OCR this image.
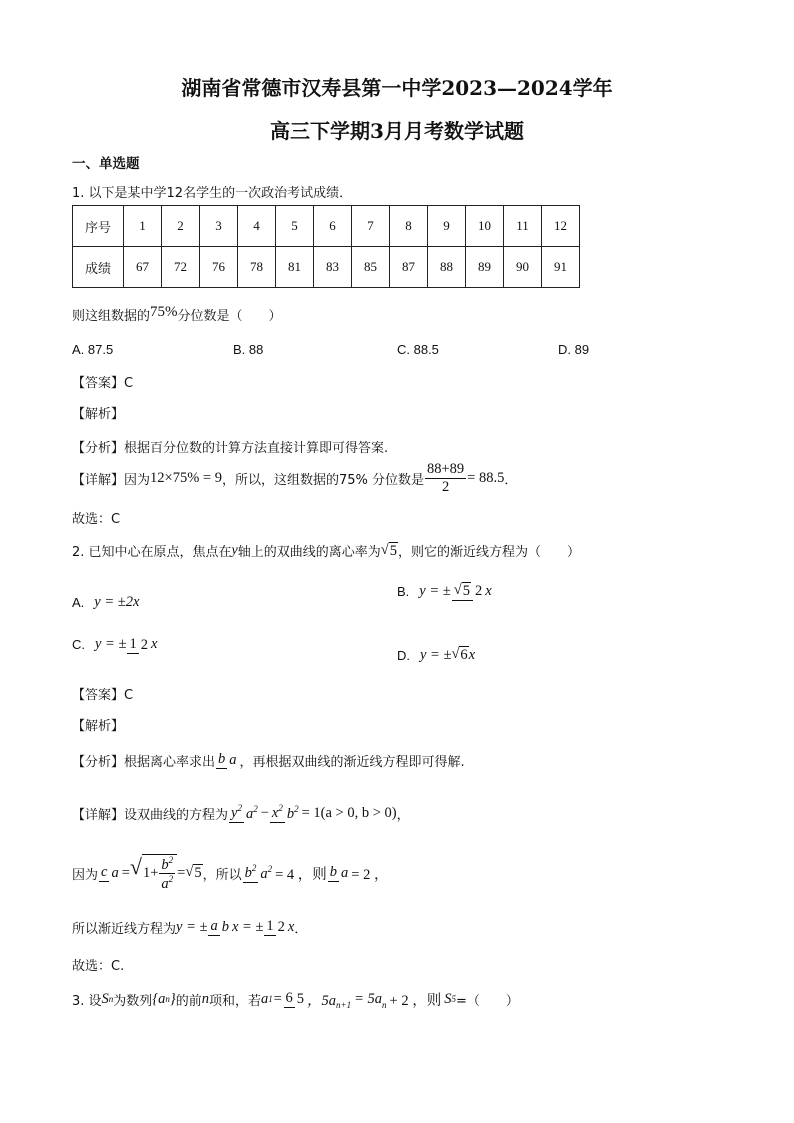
湖南省常德市汉寿县第一中学2023—2024学年
高三下学期3月月考数学试题
一、单选题
1. 以下是某中学12名学生的一次政治考试成绩．
序号	1	2	3	4	5	6	7	8	9	10	11	12
成绩	67	72	76	78	81	83	85	87	88	89	90	91
则这组数据的75%分位数是（　　）
A. 87.5	B. 88	C. 88.5	D. 89
【答案】C
【解析】
【分析】根据百分位数的计算方法直接计算即可得答案.
【详解】因为 12×75% = 9 ，所以，这组数据的75% 分位数是 $\frac{88+89}{2} = 88.5$ ．
故选：C
2. 已知中心在原点，焦点在 y 轴上的双曲线的离心率为 √ 5 ，则它的渐近线方程为（　　）
A. y = ±2x
B. y = ± √ 5 2 x
C. y = ± 1 2 x
D. y = ± √ 6 x
【答案】C
【解析】
【分析】根据离心率求出 b a ，再根据双曲线的渐近线方程即可得解.
【详解】设双曲线的方程为 $y^2$ $a^2 - x^2$ $b^2 = 1(a > 0$, b > 0) ，
因为 c a = √ $1+ \frac{b^2}{a^2}$ = √ 5 ，所以 $b^2$ $a^2 = 4$ ，则 b a = 2 ，
所以渐近线方程为 y = ± a b x = ± 1 2 x ．
故选：C.
3. 设 S n 为数列 {a n } 的前 n 项和，若 a 1 = 6 5 ，5a n+1 = 5a n + 2 ，则 S 5 =（　　）
